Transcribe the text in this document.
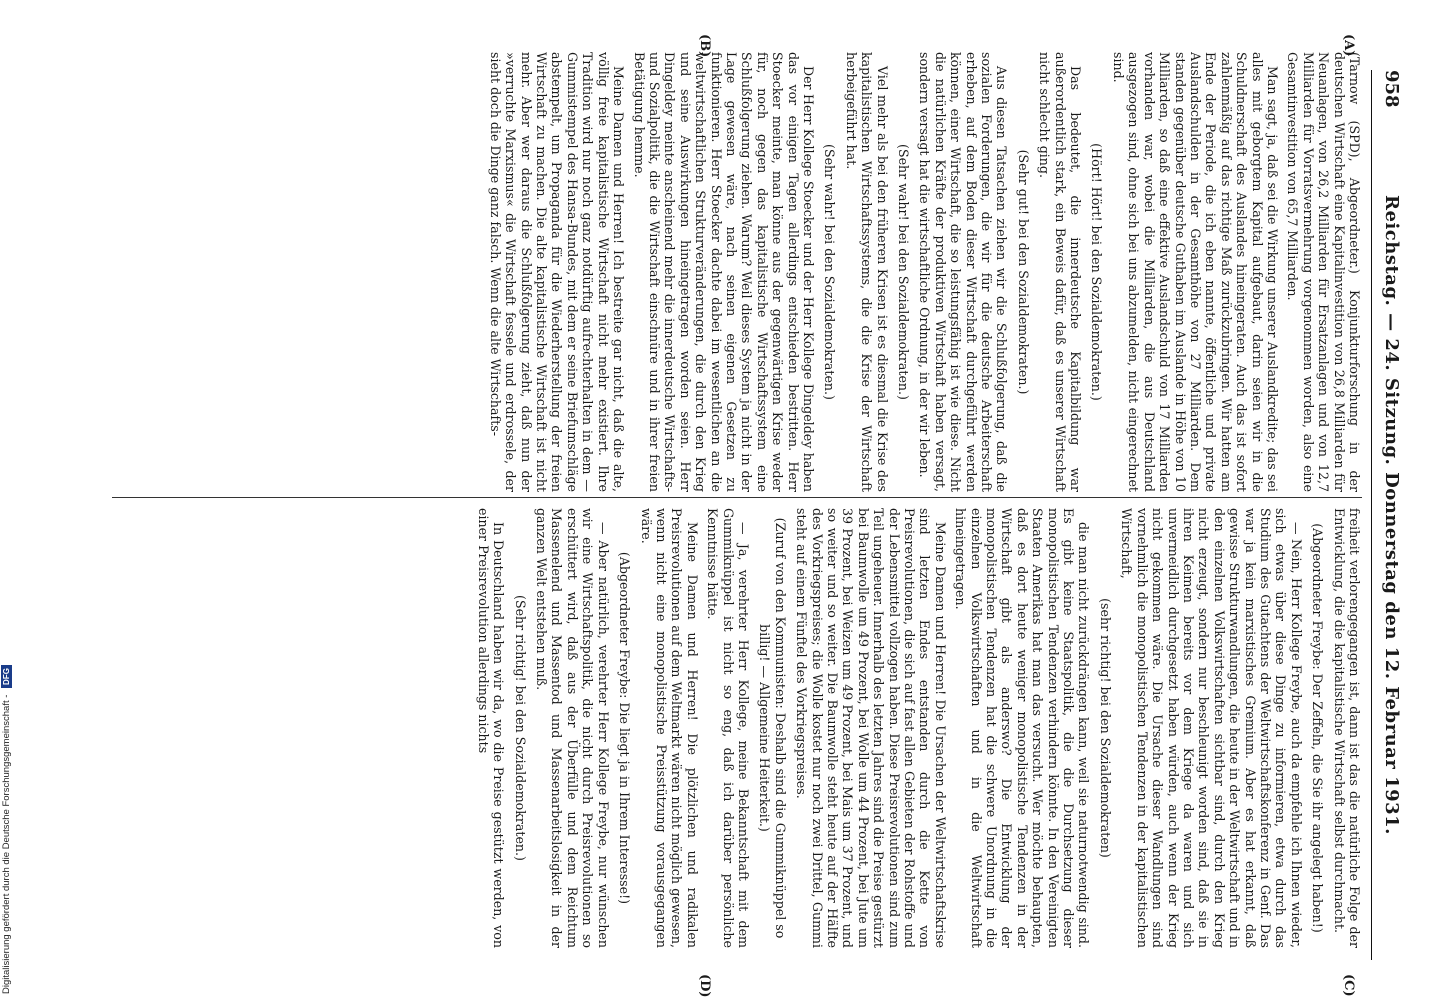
958
Reichstag. — 24. Sitzung. Donnerstag den 12. Februar 1931.
(A)
(B)
(C)
(D)

(Tarnow (SPD), Abgeordneter.) Konjunkturforschung in der deutschen Wirtschaft eine Kapitalinvestition von 26,8 Milliarden für Neuanlagen, von 26,2 Milliarden für Ersatzanlagen und von 12,7 Milliarden für Vorratsvermehrung vorgenommen worden, also eine Gesamtinvestition von 65,7 Milliarden.

Man sagt, ja, daß sei die Wirkung unserer Auslandkredite; das sei alles mit geborgtem Kapital aufgebaut, darin seien wir in die Schuldnerschaft des Auslandes hineingeraten. Auch das ist sofort zahlenmäßig auf das richtige Maß zurückzubringen. Wir hatten am Ende der Periode, die ich eben nannte, öffentliche und private Auslandschulden in der Gesamthöhe von 27 Milliarden. Dem standen gegenüber deutsche Guthaben im Auslande in Höhe von 10 Milliarden, so daß eine effektive Auslandschuld von 17 Milliarden vorhanden war, wobei die Milliarden, die aus Deutschland ausgezogen sind, ohne sich bei uns abzumelden, nicht eingerechnet sind.

(Hört! Hört! bei den Sozialdemokraten.)

Das bedeutet, die innerdeutsche Kapitalbildung war außerordentlich stark, ein Beweis dafür, daß es unserer Wirtschaft nicht schlecht ging.

(Sehr gut! bei den Sozialdemokraten.)

Aus diesen Tatsachen ziehen wir die Schlußfolgerung, daß die sozialen Forderungen, die wir für die deutsche Arbeiterschaft erheben, auf dem Boden dieser Wirtschaft durchgeführt werden können, einer Wirtschaft, die so leistungsfähig ist wie diese. Nicht die natürlichen Kräfte der produktiven Wirtschaft haben versagt, sondern versagt hat die wirtschaftliche Ordnung, in der wir leben.

(Sehr wahr! bei den Sozialdemokraten.)

Viel mehr als bei den früheren Krisen ist es diesmal die Krise des kapitalistischen Wirtschaftssystems, die die Krise der Wirtschaft herbeigeführt hat.

(Sehr wahr! bei den Sozialdemokraten.)

Der Herr Kollege Stoecker und der Herr Kollege Dingeldey haben das vor einigen Tagen allerdings entschieden bestritten. Herr Stoecker meinte, man könne aus der gegenwärtigen Krise weder für, noch gegen das kapitalistische Wirtschaftssystem eine Schlußfolgerung ziehen. Warum? Weil dieses System ja nicht in der Lage gewesen wäre, nach seinen eigenen Gesetzen zu funktionieren. Herr Stoecker dachte dabei im wesentlichen an die weltwirtschaftlichen Strukturveränderungen, die durch den Krieg und seine Auswirkungen hineingetragen worden seien. Herr Dingeldey meinte anscheinend mehr die innerdeutsche Wirtschafts- und Sozialpolitik, die die Wirtschaft einschnüre und in ihrer freien Betätigung hemme.

Meine Damen und Herren! Ich bestreite gar nicht, daß die alte, völlig freie kapitalistische Wirtschaft nicht mehr existiert. Ihre Tradition wird nur noch ganz notdürftig aufrechterhalten in dem — Gummistempel des Hansa-Bundes, mit dem er seine Briefumschläge abstempelt, um Propaganda für die Wiederherstellung der freien Wirtschaft zu machen. Die alte kapitalistische Wirtschaft ist nicht mehr. Aber wer daraus die Schlußfolgerung zieht, daß nun der »verruchte Marxismus« die Wirtschaft fessele und erdrossele, der sieht doch die Dinge ganz falsch. Wenn die alte Wirtschafts-

freiheit verlorengegangen ist, dann ist das die natürliche Folge der Entwicklung, die die kapitalistische Wirtschaft selbst durchmacht.

(Abgeordneter Freybe: Der Zeffeln, die Sie ihr angelegt haben!)

— Nein, Herr Kollege Freybe, auch da empfehle ich Ihnen wieder, sich etwas über diese Dinge zu informieren, etwa durch das Studium des Gutachtens der Weltwirtschaftskonferenz in Genf. Das war ja kein marxistisches Gremium. Aber es hat erkannt, daß gewisse Strukturwandlungen, die heute in der Weltwirtschaft und in den einzelnen Volkswirtschaften sichtbar sind, durch den Krieg nicht erzeugt, sondern nur beschleunigt worden sind, daß sie in ihren Keimen bereits vor dem Kriege da waren und sich unvermeidlich durchgesetzt haben würden, auch wenn der Krieg nicht gekommen wäre. Die Ursache dieser Wandlungen sind vornehmlich die monopolistischen Tendenzen in der kapitalistischen Wirtschaft,

(sehr richtig! bei den Sozialdemokraten)

die man nicht zurückdrängen kann, weil sie naturnotwendig sind. Es gibt keine Staatspolitik, die die Durchsetzung dieser monopolistischen Tendenzen verhindern könnte. In den Vereinigten Staaten Amerikas hat man das versucht. Wer möchte behaupten, daß es dort heute weniger monopolistische Tendenzen in der Wirtschaft gibt als anderswo? Die Entwicklung der monopolistischen Tendenzen hat die schwere Unordnung in die einzelnen Volkswirtschaften und in die Weltwirtschaft hineingetragen.

Meine Damen und Herren! Die Ursachen der Weltwirtschaftskrise sind letzten Endes entstanden durch die Kette von Preisrevolutionen, die sich auf fast allen Gebieten der Rohstoffe und der Lebensmittel vollzogen haben. Diese Preisrevolutionen sind zum Teil ungeheuer. Innerhalb des letzten Jahres sind die Preise gestürzt bei Baumwolle um 49 Prozent, bei Wolle um 44 Prozent, bei Jute um 39 Prozent, bei Weizen um 49 Prozent, bei Mais um 37 Prozent, und so weiter und so weiter. Die Baumwolle steht heute auf der Hälfte des Vorkriegspreises; die Wolle kostet nur noch zwei Drittel, Gummi steht auf einem Fünftel des Vorkriegspreises.

(Zuruf von den Kommunisten: Deshalb sind die Gummiknüppel so billig! — Allgemeine Heiterkeit.)

— Ja, verehrter Herr Kollege, meine Bekanntschaft mit dem Gummiknüppel ist nicht so eng, daß ich darüber persönliche Kenntnisse hätte.

Meine Damen und Herren! Die plötzlichen und radikalen Preisrevolutionen auf dem Weltmarkt wären nicht möglich gewesen, wenn nicht eine monopolistische Preisstützung vorausgegangen wäre.

(Abgeordneter Freybe: Die liegt ja in Ihrem Interesse!)

— Aber natürlich, verehrter Herr Kollege Freybe, nur wünschen wir eine Wirtschaftspolitik, die nicht durch Preisrevolutionen so erschüttert wird, daß aus der Überfülle und dem Reichtum Massenelend und Massentod und Massenarbeitslosigkeit in der ganzen Welt entstehen muß.

(Sehr richtig! bei den Sozialdemokraten.)

In Deutschland haben wir da, wo die Preise gestützt werden, von einer Preisrevolution allerdings nichts

Digitalisierung gefördert durch die Deutsche Forschungsgemeinschaft - DFG
